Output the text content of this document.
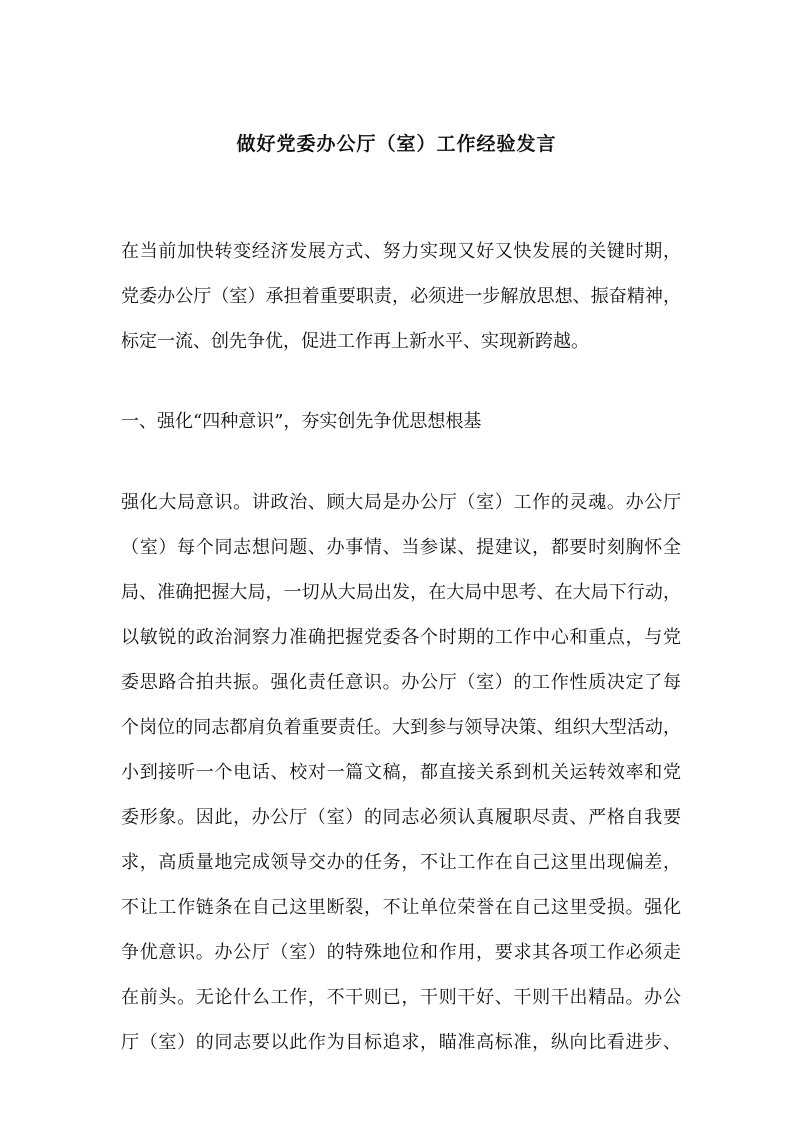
做好党委办公厅（室）工作经验发言
在当前加快转变经济发展方式、努力实现又好又快发展的关键时期，
党委办公厅（室）承担着重要职责，必须进一步解放思想、振奋精神，
标定一流、创先争优，促进工作再上新水平、实现新跨越。
一、强化“四种意识”，夯实创先争优思想根基
强化大局意识。讲政治、顾大局是办公厅（室）工作的灵魂。办公厅
（室）每个同志想问题、办事情、当参谋、提建议，都要时刻胸怀全
局、准确把握大局，一切从大局出发，在大局中思考、在大局下行动，
以敏锐的政治洞察力准确把握党委各个时期的工作中心和重点，与党
委思路合拍共振。强化责任意识。办公厅（室）的工作性质决定了每
个岗位的同志都肩负着重要责任。大到参与领导决策、组织大型活动，
小到接听一个电话、校对一篇文稿，都直接关系到机关运转效率和党
委形象。因此，办公厅（室）的同志必须认真履职尽责、严格自我要
求，高质量地完成领导交办的任务，不让工作在自己这里出现偏差，
不让工作链条在自己这里断裂，不让单位荣誉在自己这里受损。强化
争优意识。办公厅（室）的特殊地位和作用，要求其各项工作必须走
在前头。无论什么工作，不干则已，干则干好、干则干出精品。办公
厅（室）的同志要以此作为目标追求，瞄准高标准，纵向比看进步、
